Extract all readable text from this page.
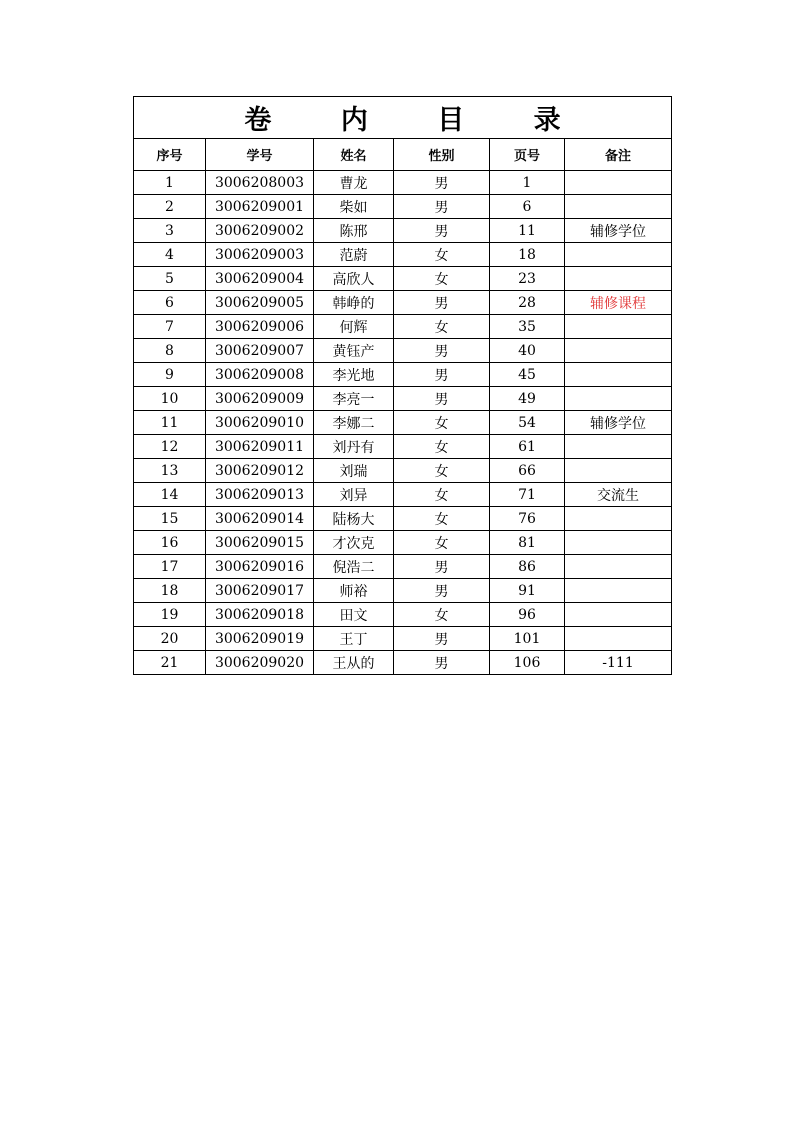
卷 内 目 录					
序号	学号	姓名	性别	页号	备注
1	3006208003	曹龙	男	1	
2	3006209001	柴如	男	6	
3	3006209002	陈邢	男	11	辅修学位
4	3006209003	范蔚	女	18	
5	3006209004	高欣人	女	23	
6	3006209005	韩峥的	男	28	辅修课程
7	3006209006	何辉	女	35	
8	3006209007	黄钰产	男	40	
9	3006209008	李光地	男	45	
10	3006209009	李亮一	男	49	
11	3006209010	李娜二	女	54	辅修学位
12	3006209011	刘丹有	女	61	
13	3006209012	刘瑞	女	66	
14	3006209013	刘异	女	71	交流生
15	3006209014	陆杨大	女	76	
16	3006209015	才次克	女	81	
17	3006209016	倪浩二	男	86	
18	3006209017	师裕	男	91	
19	3006209018	田文	女	96	
20	3006209019	王丁	男	101	
21	3006209020	王从的	男	106	-111
